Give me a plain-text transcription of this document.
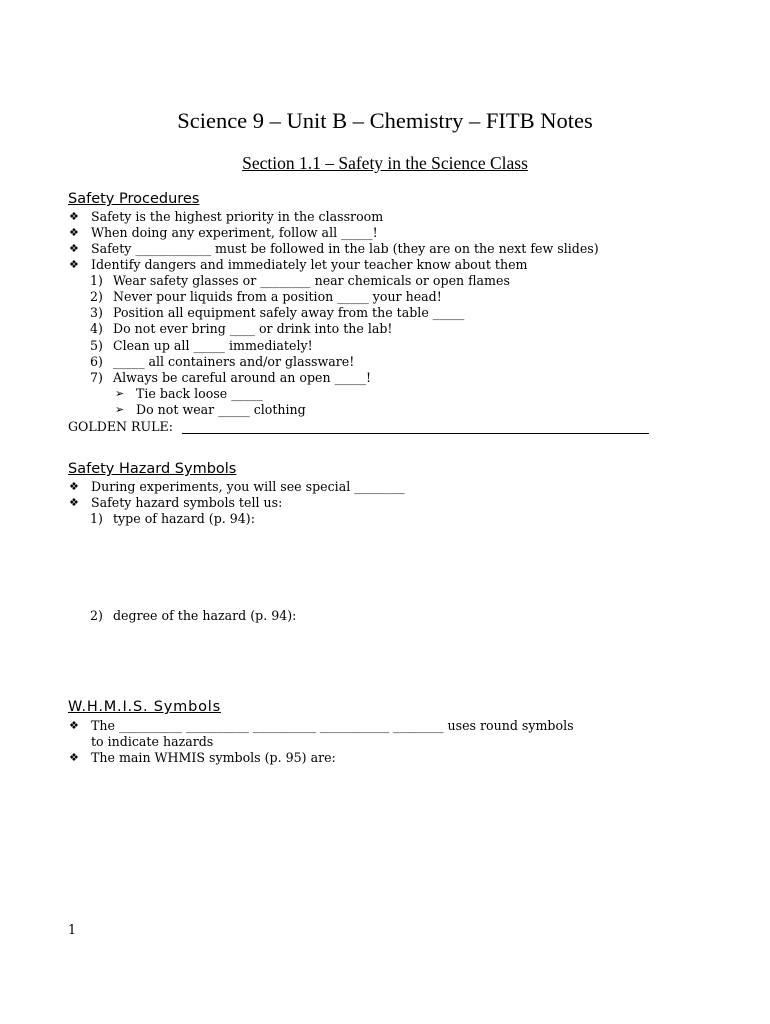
Science 9 – Unit B – Chemistry – FITB Notes
Section 1.1 – Safety in the Science Class
Safety Procedures
❖ Safety is the highest priority in the classroom
❖ When doing any experiment, follow all _____!
❖ Safety ____________ must be followed in the lab (they are on the next few slides)
❖ Identify dangers and immediately let your teacher know about them
1) Wear safety glasses or ________ near chemicals or open flames
2) Never pour liquids from a position _____ your head!
3) Position all equipment safely away from the table _____
4) Do not ever bring ____ or drink into the lab!
5) Clean up all _____ immediately!
6) _____ all containers and/or glassware!
7) Always be careful around an open _____!
➢ Tie back loose _____
➢ Do not wear _____ clothing
GOLDEN RULE:
Safety Hazard Symbols
❖ During experiments, you will see special ________
❖ Safety hazard symbols tell us:
1) type of hazard (p. 94):
2) degree of the hazard (p. 94):
W.H.M.I.S. Symbols
❖ The __________ __________ __________ ___________ ________ uses round symbols
to indicate hazards
❖ The main WHMIS symbols (p. 95) are:
1
